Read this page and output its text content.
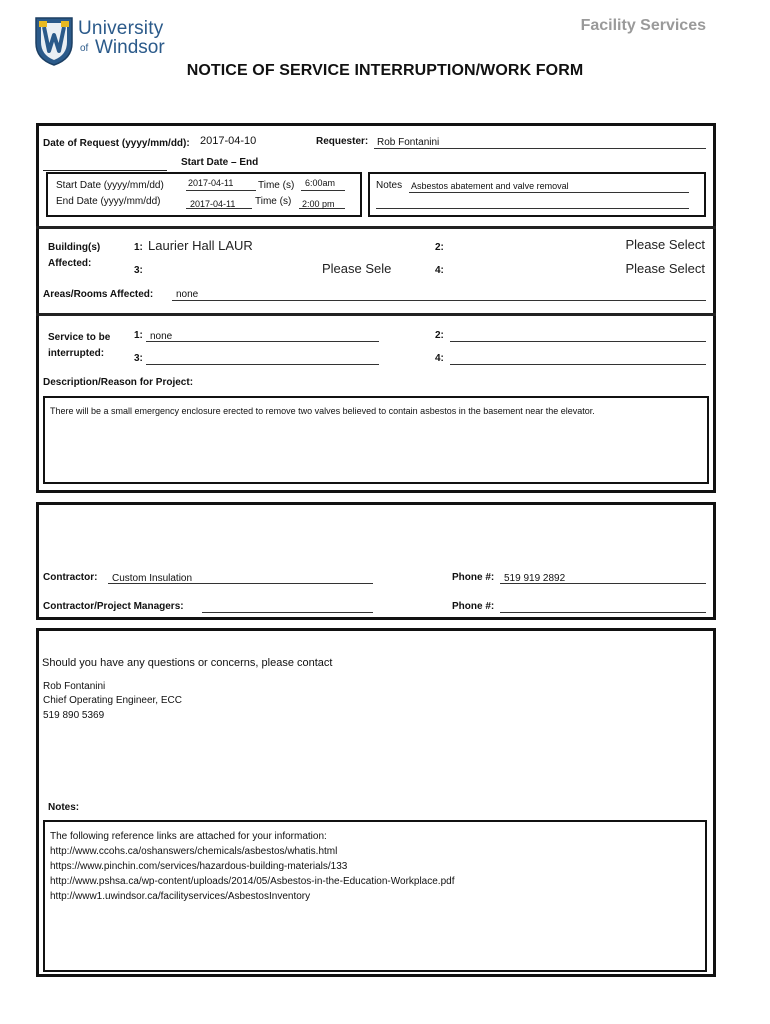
University
of Windsor
Facility Services
NOTICE OF SERVICE INTERRUPTION/WORK FORM
Date of Request (yyyy/mm/dd): 2017-04-10	Requester: Rob Fontanini
Start Date – End
Start Date (yyyy/mm/dd)	2017-04-11 Time (s) 6:00am
End Date (yyyy/mm/dd)	2017-04-11 Time (s) 2:00 pm
Notes Asbestos abatement and valve removal
Building(s)
Affected:
1: Laurier Hall LAUR	2:	Please Select
3:	Please Sele	4:	Please Select
Areas/Rooms Affected: none
Service to be
interrupted:
1: none	2:
3:	4:
Description/Reason for Project:
There will be a small emergency enclosure erected to remove two valves believed to contain asbestos in the basement near the elevator.
Contractor: Custom Insulation	Phone #: 519 919 2892
Contractor/Project Managers:	Phone #:
Should you have any questions or concerns, please contact
Rob Fontanini
Chief Operating Engineer, ECC
519 890 5369
Notes:
The following reference links are attached for your information:
http://www.ccohs.ca/oshanswers/chemicals/asbestos/whatis.html
https://www.pinchin.com/services/hazardous-building-materials/133
http://www.pshsa.ca/wp-content/uploads/2014/05/Asbestos-in-the-Education-Workplace.pdf
http://www1.uwindsor.ca/facilityservices/AsbestosInventory
